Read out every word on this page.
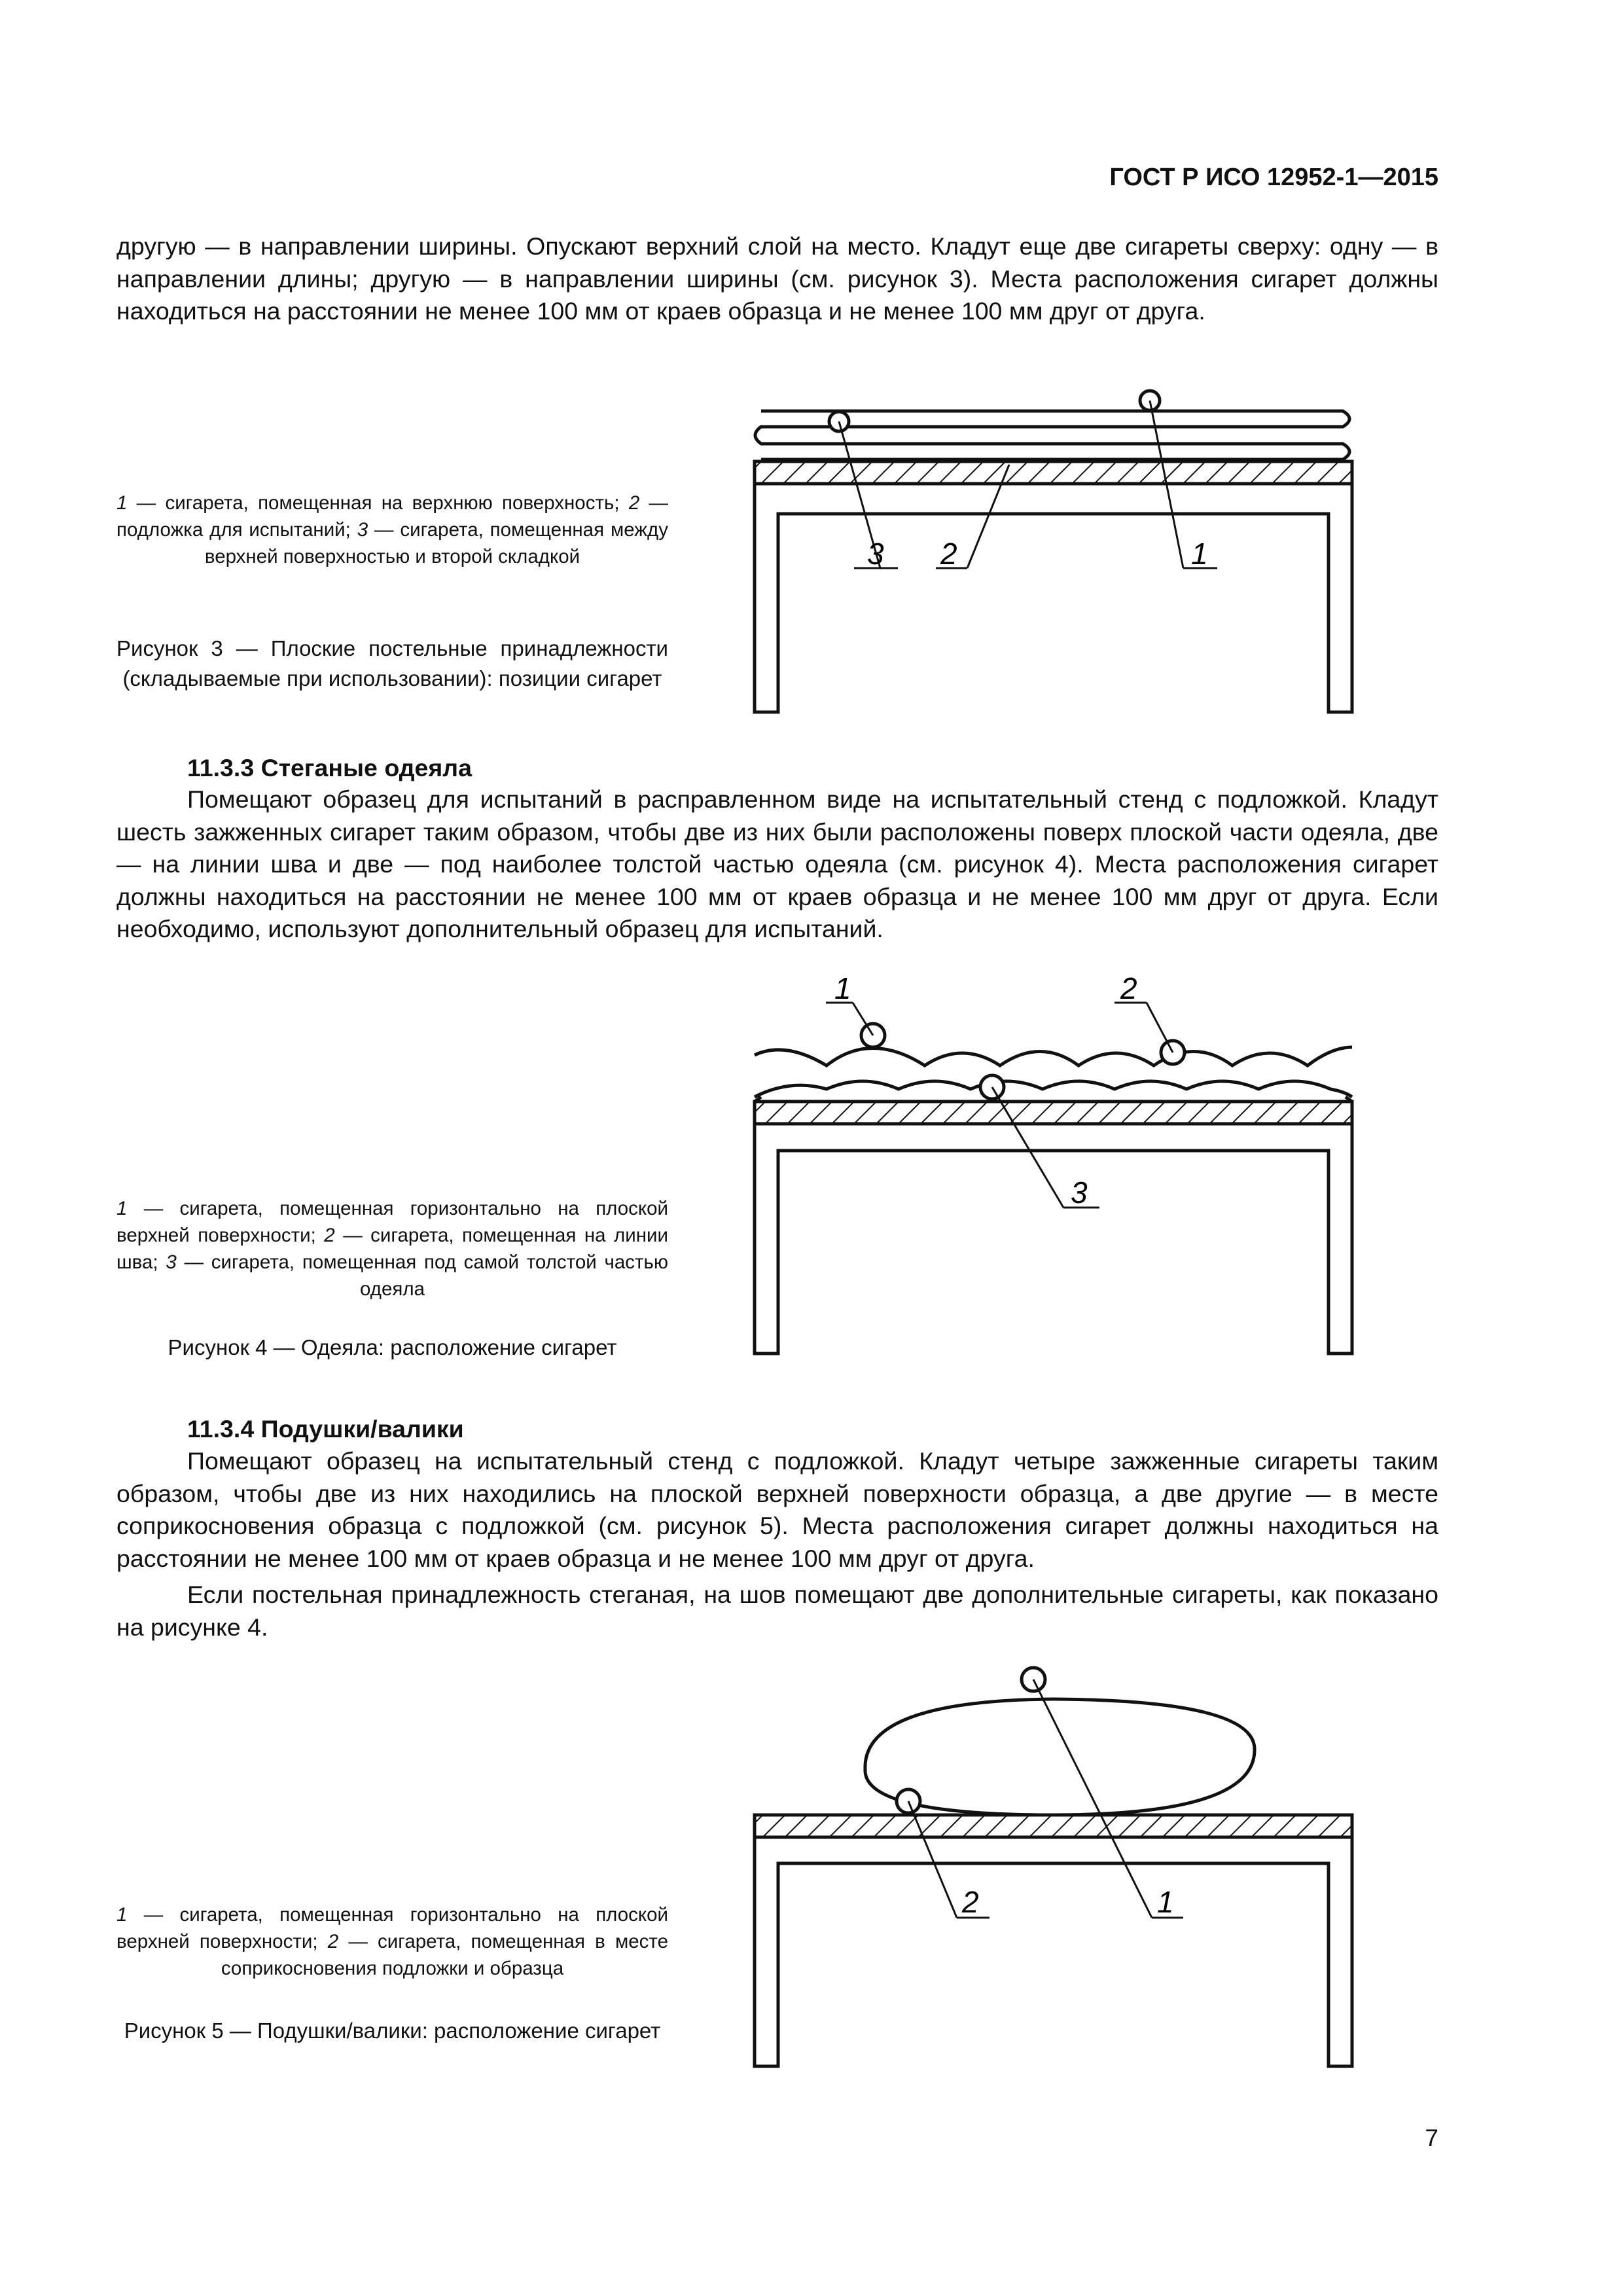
ГОСТ Р ИСО 12952-1—2015

другую — в направлении ширины. Опускают верхний слой на место. Кладут еще две сигареты сверху: одну — в направлении длины; другую — в направлении ширины (см. рисунок 3). Места расположения сигарет должны находиться на расстоянии не менее 100 мм от краев образца и не менее 100 мм друг от друга.

1 — сигарета, помещенная на верхнюю поверхность; 2 — подложка для испытаний; 3 — сигарета, помещенная между верхней поверхностью и второй складкой

Рисунок 3 — Плоские постельные принадлежности (складываемые при использовании): позиции сигарет

3 2	1
11.3.3 Стеганые одеяла

Помещают образец для испытаний в расправленном виде на испытательный стенд с подложкой. Кладут шесть зажженных сигарет таким образом, чтобы две из них были расположены поверх плоской части одеяла, две — на линии шва и две — под наиболее толстой частью одеяла (см. рисунок 4). Места расположения сигарет должны находиться на расстоянии не менее 100 мм от краев образца и не менее 100 мм друг от друга. Если необходимо, используют дополнительный образец для испытаний.

1	2
3

1 — сигарета, помещенная горизонтально на плоской верхней поверхности; 2 — сигарета, помещенная на линии шва; 3 — сигарета, помещенная под самой толстой частью одеяла

Рисунок 4 — Одеяла: расположение сигарет

11.3.4 Подушки/валики

Помещают образец на испытательный стенд с подложкой. Кладут четыре зажженные сигареты таким образом, чтобы две из них находились на плоской верхней поверхности образца, а две другие — в месте соприкосновения образца с подложкой (см. рисунок 5). Места расположения сигарет должны находиться на расстоянии не менее 100 мм от краев образца и не менее 100 мм друг от друга.

Если постельная принадлежность стеганая, на шов помещают две дополнительные сигареты, как показано на рисунке 4.

2	1

1 — сигарета, помещенная горизонтально на плоской верхней поверхности; 2 — сигарета, помещенная в месте соприкосновения подложки и образца

Рисунок 5 — Подушки/валики: расположение сигарет

7
